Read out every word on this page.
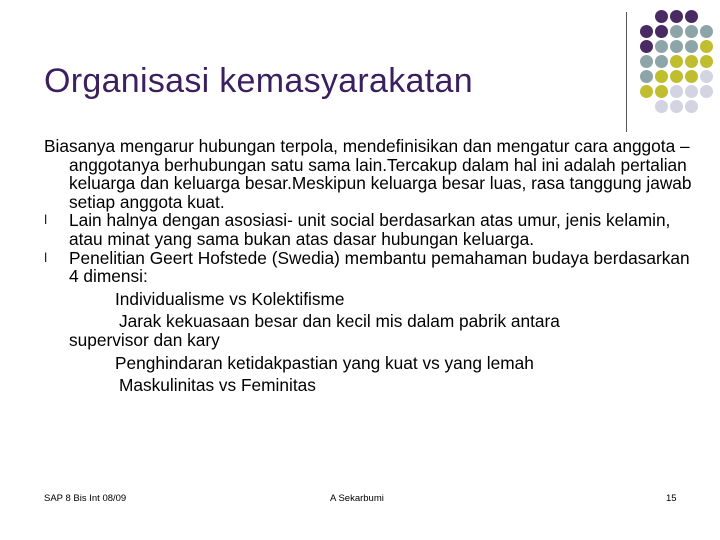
Organisasi kemasyarakatan

Biasanya mengarur hubungan terpola, mendefinisikan dan mengatur cara anggota –anggotanya berhubungan satu sama lain.Tercakup dalam hal ini adalah pertalian keluarga dan keluarga besar.Meskipun keluarga besar luas, rasa tanggung jawab setiap anggota kuat.

l	Lain halnya dengan asosiasi- unit social berdasarkan atas umur, jenis kelamin, atau minat yang sama bukan atas dasar hubungan keluarga.
l	Penelitian Geert Hofstede (Swedia) membantu pemahaman budaya berdasarkan 4 dimensi:

Individualisme vs Kolektifisme

Jarak kekuasaan besar dan kecil mis dalam pabrik antara

supervisor dan kary

Penghindaran ketidakpastian yang kuat vs yang lemah

Maskulinitas vs Feminitas

SAP 8 Bis Int 08/09	A Sekarbumi	15
